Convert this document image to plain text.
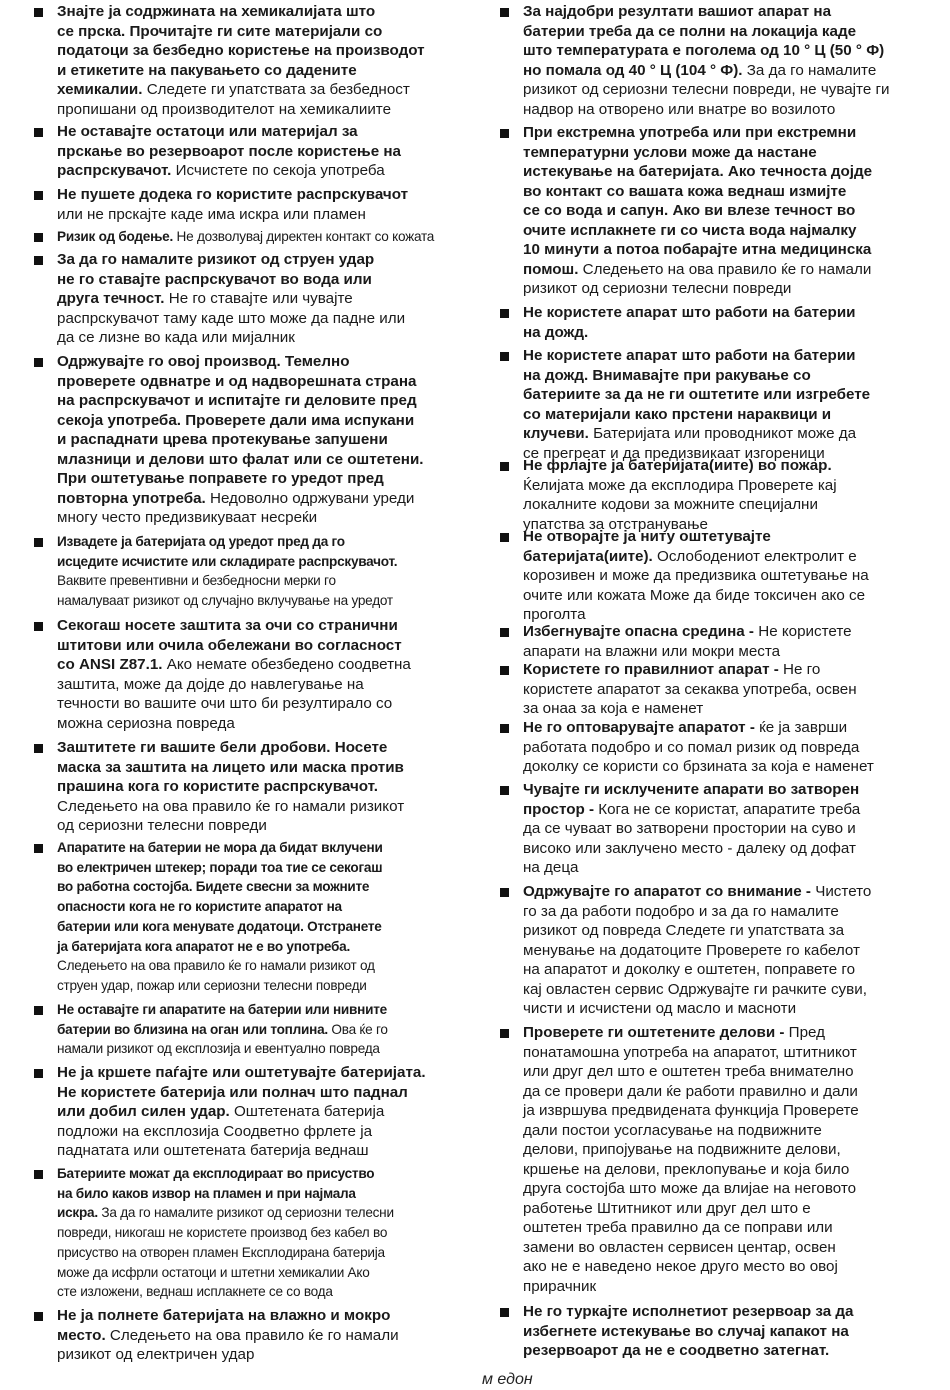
Знајте ја содржината на хемикалијата што
се прска. Прочитајте ги сите материјали со
податоци за безбедно користење на производот
и етикетите на пакувањето со дадените
хемикалии. Следете ги упатствата за безбедност
пропишани од производителот на хемикалиите

Не оставајте остатоци или материјал за
прскање во резервоарот после користење на
распрскувачот. Исчистете по секоја употреба

Не пушете додека го користите распрскувачот
или не прскајте каде има искра или пламен

Ризик од бодење. Не дозволувај директен контакт со кожата

За да го намалите ризикот од струен удар
не го ставајте распрскувачот во вода или
друга течност. Не го ставајте или чувајте
распрскувачот таму каде што може да падне или
да се лизне во када или мијалник

Одржувајте го овој производ. Темелно
проверете одвнатре и од надворешната страна
на распрскувачот и испитајте ги деловите пред
секоја употреба. Проверете дали има испукани
и распаднати црева протекување запушени
млазници и делови што фалат или се оштетени.
При оштетување поправете го уредот пред
повторна употреба. Недоволно одржувани уреди
многу често предизвикуваат несреќи

Извадете ја батеријата од уредот пред да го
исцедите исчистите или складирате распрскувачот.
Ваквите превентивни и безбедносни мерки го
намалуваат ризикот од случајно вклучување на уредот

Секогаш носете заштита за очи со странични
штитови или очила обележани во согласност
со ANSI Z87.1. Ако немате обезбедено соодветна
заштита, може да дојде до навлегување на
течности во вашите очи што би резултирало со
можна сериозна повреда

Заштитете ги вашите бели дробови. Носете
маска за заштита на лицето или маска против
прашина кога го користите распрскувачот.
Следењето на ова правило ќе го намали ризикот
од сериозни телесни повреди

Апаратите на батерии не мора да бидат вклучени
во електричен штекер; поради тоа тие се секогаш
во работна состојба. Бидете свесни за можните
опасности кога не го користите апаратот на
батерии или кога менувате додатоци. Отстранете
ја батеријата кога апаратот не е во употреба.
Следењето на ова правило ќе го намали ризикот од
струен удар, пожар или сериозни телесни повреди

Не оставајте ги апаратите на батерии или нивните
батерии во близина на оган или топлина. Ова ќе го
намали ризикот од експлозија и евентуално повреда

Не ја кршете паѓајте или оштетувајте батеријата.
Не користете батерија или полнач што паднал
или добил силен удар. Оштетената батерија
подложи на експлозија Соодветно фрлете ја
паднатата или оштетената батерија веднаш

Батериите можат да експлодираат во присуство
на било каков извор на пламен и при најмала
искра. За да го намалите ризикот од сериозни телесни
повреди, никогаш не користете производ без кабел во
присуство на отворен пламен Експлодирана батерија
може да исфрли остатоци и штетни хемикалии Ако
сте изложени, веднаш исплакнете се со вода

Не ја полнете батеријата на влажно и мокро
место. Следењето на ова правило ќе го намали
ризикот од електричен удар

За најдобри резултати вашиот апарат на
батерии треба да се полни на локација каде
што температурата е поголема од 10 ° Ц (50 ° Ф)
но помала од 40 ° Ц (104 ° Ф). За да го намалите
ризикот од сериозни телесни повреди, не чувајте ги
надвор на отворено или внатре во возилото

При екстремна употреба или при екстремни
температурни услови може да настане
истекување на батеријата. Ако течноста дојде
во контакт со вашата кожа веднаш измијте
се со вода и сапун. Ако ви влезе течност во
очите исплакнете ги со чиста вода најмалку
10 минути а потоа побарајте итна медицинска
помош. Следењето на ова правило ќе го намали
ризикот од сериозни телесни повреди

Не користете апарат што работи на батерии
на дожд.

Не користете апарат што работи на батерии
на дожд. Внимавајте при ракување со
батериите за да не ги оштетите или изгребете
со материјали како прстени нараквици и
клучеви. Батеријата или проводникот може да
се прегреат и да предизвикаат изгореници

Не фрлајте ја батеријата(иите) во пожар.
Ќелијата може да експлодира Проверете кај
локалните кодови за можните специјални
упатства за отстранување

Не отворајте ја ниту оштетувајте
батеријата(иите). Ослободениот електролит е
корозивен и може да предизвика оштетување на
очите или кожата Може да биде токсичен ако се
проголта

Избегнувајте опасна средина - Не користете
апарати на влажни или мокри места

Користете го правилниот апарат - Не го
користете апаратот за секаква употреба, освен
за онаа за која е наменет

Не го оптоварувајте апаратот - ќе ја заврши
работата подобро и со помал ризик од повреда
доколку се користи со брзината за која е наменет

Чувајте ги исклучените апарати во затворен
простор - Кога не се користат, апаратите треба
да се чуваат во затворени простории на суво и
високо или заклучено место - далеку од дофат
на деца

Одржувајте го апаратот со внимание - Чистето
го за да работи подобро и за да го намалите
ризикот од повреда Следете ги упатствата за
менување на додатоците Проверете го кабелот
на апаратот и доколку е оштетен, поправете го
кај овластен сервис Одржувајте ги рачките суви,
чисти и исчистени од масло и масноти

Проверете ги оштетените делови - Пред
понатамошна употреба на апаратот, штитникот
или друг дел што е оштетен треба внимателно
да се провери дали ќе работи правилно и дали
ја извршува предвидената функција Проверете
дали постои усогласување на подвижните
делови, припојување на подвижните делови,
кршење на делови, преклопување и која било
друга состојба што може да влијае на неговото
работење Штитникот или друг дел што е
оштетен треба правилно да се поправи или
замени во овластен сервисен центар, освен
ако не е наведено некое друго место во овој
прирачник

Не го туркајте исполнетиот резервоар за да
избегнете истекување во случај капакот на
резервоарот да не е соодветно затегнат.

м едон
